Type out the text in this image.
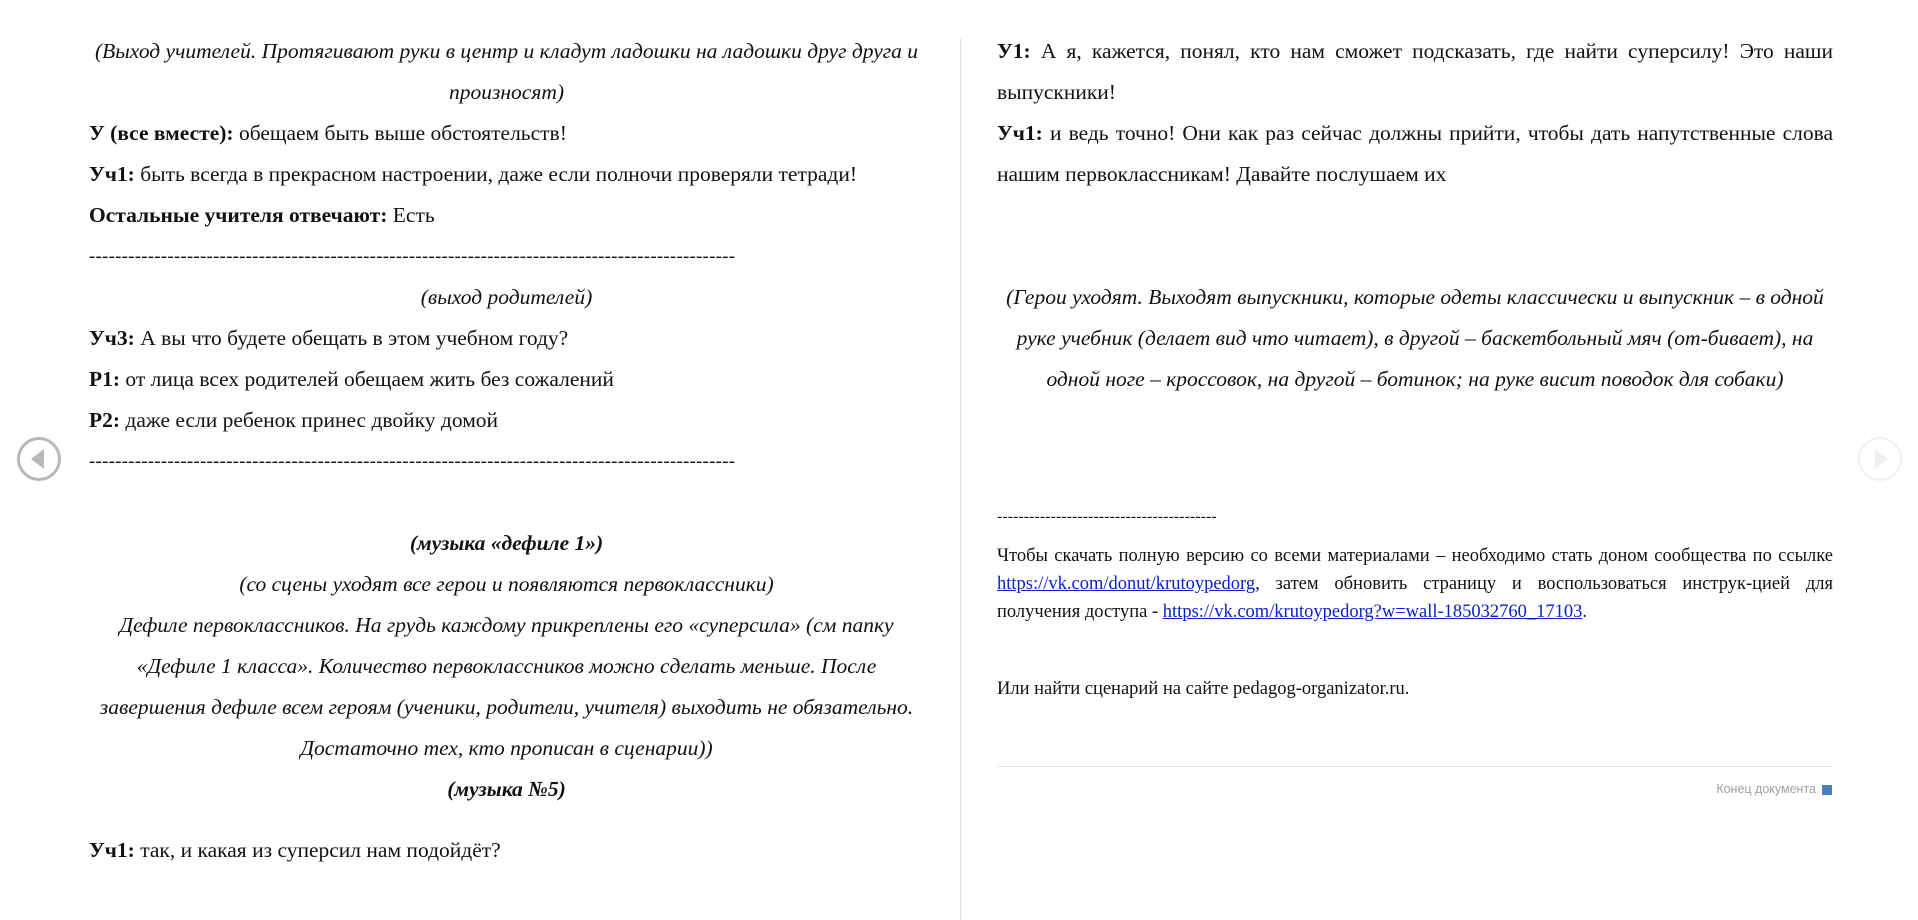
(Выход учителей. Протягивают руки в центр и кладут ладошки на ладошки друг друга и произносят)

У (все вместе): обещаем быть выше обстоятельств!

Уч1: быть всегда в прекрасном настроении, даже если полночи проверяли тетради!

Остальные учителя отвечают: Есть

---------------------------------------------------------------------------------------------------

(выход родителей)

Уч3: А вы что будете обещать в этом учебном году?

Р1: от лица всех родителей обещаем жить без сожалений

Р2: даже если ребенок принес двойку домой

---------------------------------------------------------------------------------------------------

(музыка «дефиле 1»)

(со сцены уходят все герои и появляются первоклассники)

Дефиле первоклассников. На грудь каждому прикреплены его «суперсила» (см папку «Дефиле 1 класса». Количество первоклассников можно сделать меньше. После завершения дефиле всем героям (ученики, родители, учителя) выходить не обязательно. Достаточно тех, кто прописан в сценарии))

(музыка №5)

Уч1: так, и какая из суперсил нам подойдёт?

У1: А я, кажется, понял, кто нам сможет подсказать, где найти суперсилу! Это наши выпускники!

Уч1: и ведь точно! Они как раз сейчас должны прийти, чтобы дать напутственные слова нашим первоклассникам! Давайте послушаем их

(Герои уходят. Выходят выпускники, которые одеты классически и выпускник – в одной руке учебник (делает вид что читает), в другой – баскетбольный мяч (от-бивает), на одной ноге – кроссовок, на другой – ботинок; на руке висит поводок для собаки)

-----------------------------------------

Чтобы скачать полную версию со всеми материалами – необходимо стать доном сообщества по ссылке https://vk.com/donut/krutoypedorg, затем обновить страницу и воспользоваться инструк-цией для получения доступа - https://vk.com/krutoypedorg?w=wall-185032760_17103.

Или найти сценарий на сайте pedagog-organizator.ru.

Конец документа
